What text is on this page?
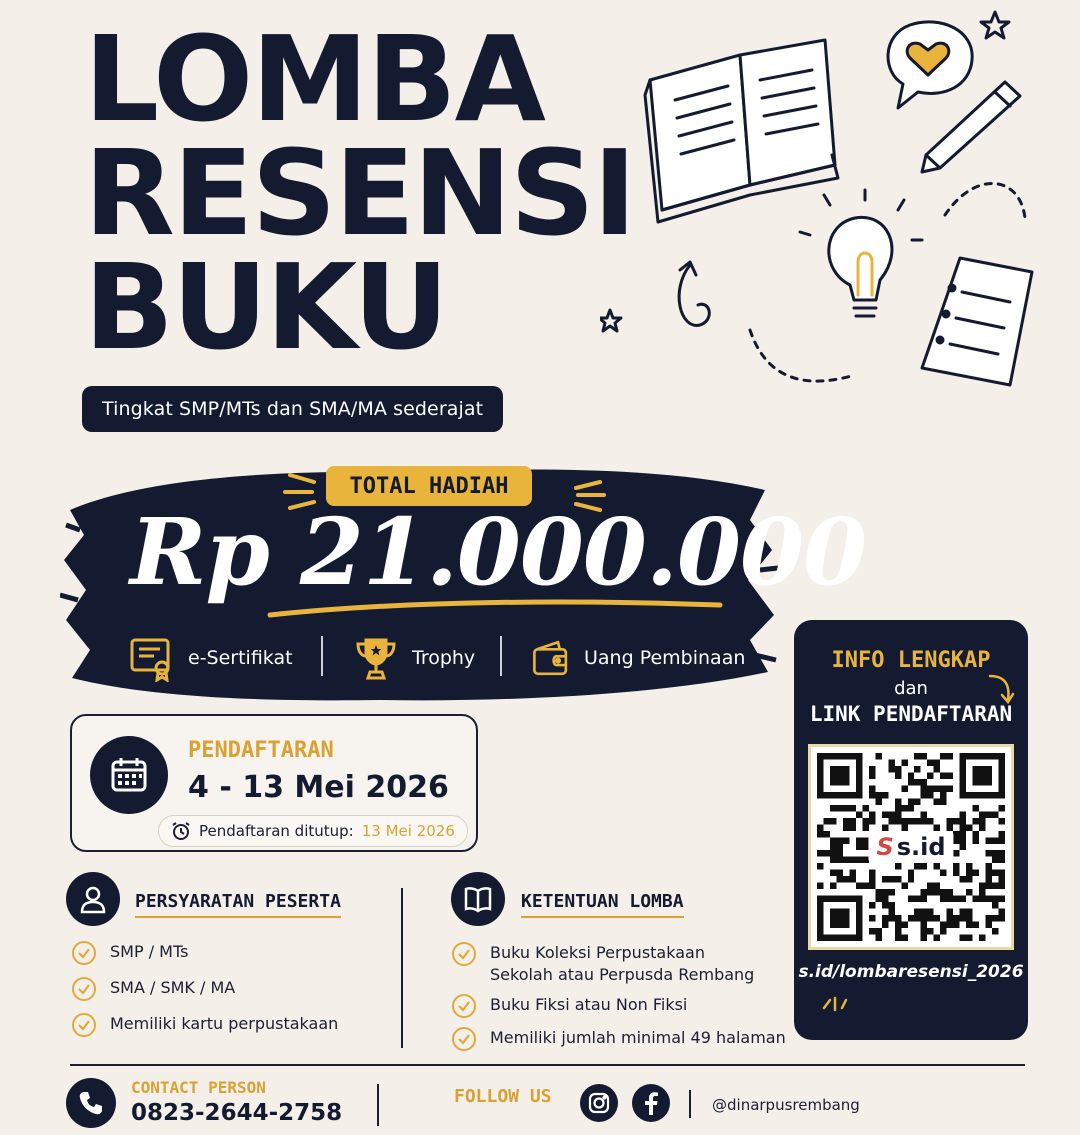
LOMBA
RESENSI
BUKU
Tingkat SMP/MTs dan SMA/MA sederajat
TOTAL HADIAH
Rp 21.000.000
e-Sertifikat	Trophy	Uang Pembinaan
PENDAFTARAN
4 - 13 Mei 2026
Pendaftaran ditutup: 13 Mei 2026
INFO LENGKAP
dan
LINK PENDAFTARAN
S s.id
s.id/lombaresensi_2026
PERSYARATAN PESERTA
SMP / MTs
SMA / SMK / MA
Memiliki kartu perpustakaan
KETENTUAN LOMBA
Buku Koleksi Perpustakaan Sekolah atau Perpusda Rembang
Buku Fiksi atau Non Fiksi
Memiliki jumlah minimal 49 halaman
CONTACT PERSON
0823-2644-2758
FOLLOW US	@dinarpusrembang
